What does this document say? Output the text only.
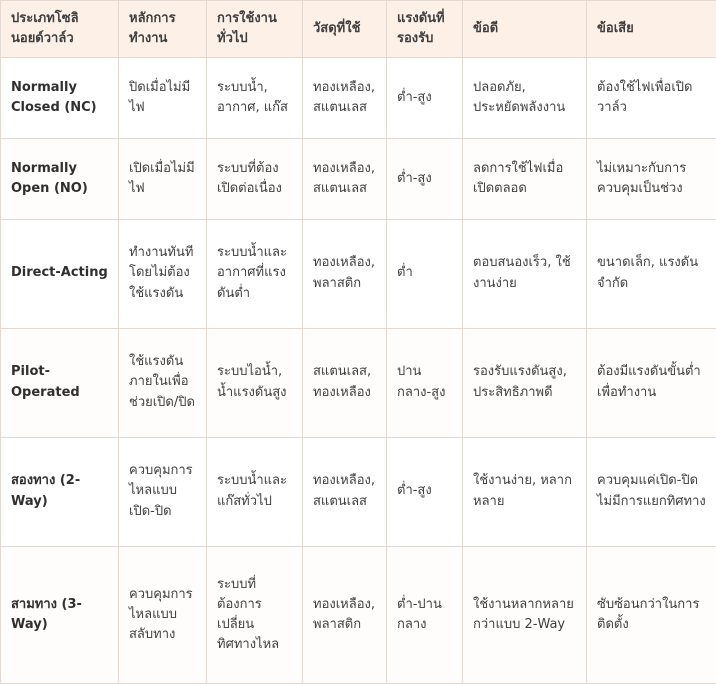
ประเภทโซลินอยด์วาล์ว	หลักการทำงาน	การใช้งานทั่วไป	วัสดุที่ใช้	แรงดันที่รองรับ	ข้อดี	ข้อเสีย
Normally Closed (NC)	ปิดเมื่อไม่มีไฟ	ระบบน้ำ, อากาศ, แก๊ส	ทองเหลือง, สแตนเลส	ต่ำ-สูง	ปลอดภัย, ประหยัดพลังงาน	ต้องใช้ไฟเพื่อเปิดวาล์ว
Normally Open (NO)	เปิดเมื่อไม่มีไฟ	ระบบที่ต้องเปิดต่อเนื่อง	ทองเหลือง, สแตนเลส	ต่ำ-สูง	ลดการใช้ไฟเมื่อเปิดตลอด	ไม่เหมาะกับการควบคุมเป็นช่วง
Direct-Acting	ทำงานทันทีโดยไม่ต้องใช้แรงดัน	ระบบน้ำและอากาศที่แรงดันต่ำ	ทองเหลือง, พลาสติก	ต่ำ	ตอบสนองเร็ว, ใช้งานง่าย	ขนาดเล็ก, แรงดันจำกัด
Pilot-Operated	ใช้แรงดันภายในเพื่อช่วยเปิด/ปิด	ระบบไอน้ำ, น้ำแรงดันสูง	สแตนเลส, ทองเหลือง	ปานกลาง-สูง	รองรับแรงดันสูง, ประสิทธิภาพดี	ต้องมีแรงดันขั้นต่ำเพื่อทำงาน
สองทาง (2-Way)	ควบคุมการไหลแบบเปิด-ปิด	ระบบน้ำและแก๊สทั่วไป	ทองเหลือง, สแตนเลส	ต่ำ-สูง	ใช้งานง่าย, หลากหลาย	ควบคุมแค่เปิด-ปิด ไม่มีการแยกทิศทาง
สามทาง (3-Way)	ควบคุมการไหลแบบสลับทาง	ระบบที่ต้องการเปลี่ยนทิศทางไหล	ทองเหลือง, พลาสติก	ต่ำ-ปานกลาง	ใช้งานหลากหลายกว่าแบบ 2-Way	ซับซ้อนกว่าในการติดตั้ง
